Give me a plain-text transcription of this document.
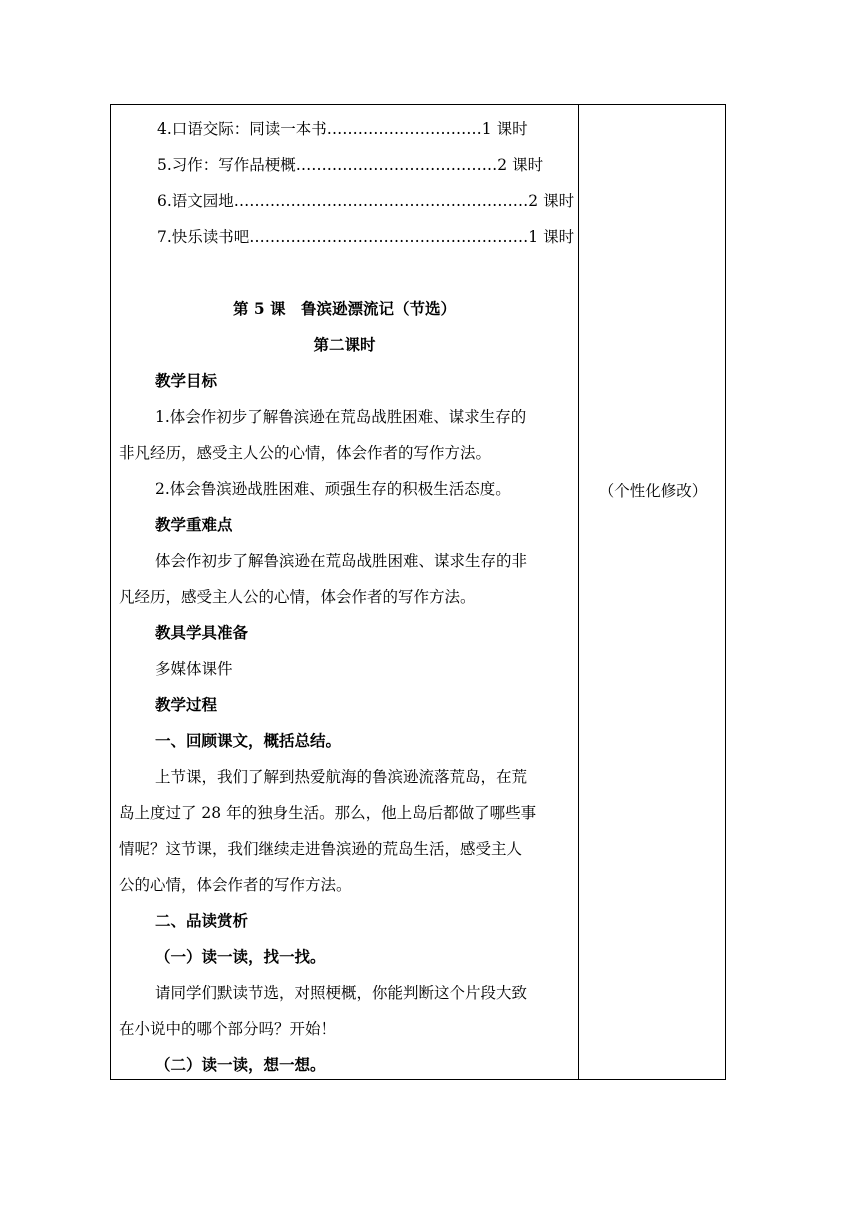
4.口语交际：同读一本书…………………………1 课时
5.习作：写作品梗概…………………………………2 课时
6.语文园地…………………………………………………2 课时
7.快乐读书吧………………………………………………1 课时
第 5 课　鲁滨逊漂流记（节选）
第二课时
教学目标
1.体会作初步了解鲁滨逊在荒岛战胜困难、谋求生存的
非凡经历，感受主人公的心情，体会作者的写作方法。
2.体会鲁滨逊战胜困难、顽强生存的积极生活态度。
教学重难点
体会作初步了解鲁滨逊在荒岛战胜困难、谋求生存的非
凡经历，感受主人公的心情，体会作者的写作方法。
教具学具准备
多媒体课件
教学过程
一、回顾课文，概括总结。
上节课，我们了解到热爱航海的鲁滨逊流落荒岛，在荒
岛上度过了 28 年的独身生活。那么，他上岛后都做了哪些事
情呢？这节课，我们继续走进鲁滨逊的荒岛生活，感受主人
公的心情，体会作者的写作方法。
二、品读赏析
（一）读一读，找一找。
请同学们默读节选，对照梗概，你能判断这个片段大致
在小说中的哪个部分吗？开始！
（二）读一读，想一想。
（个性化修改）
